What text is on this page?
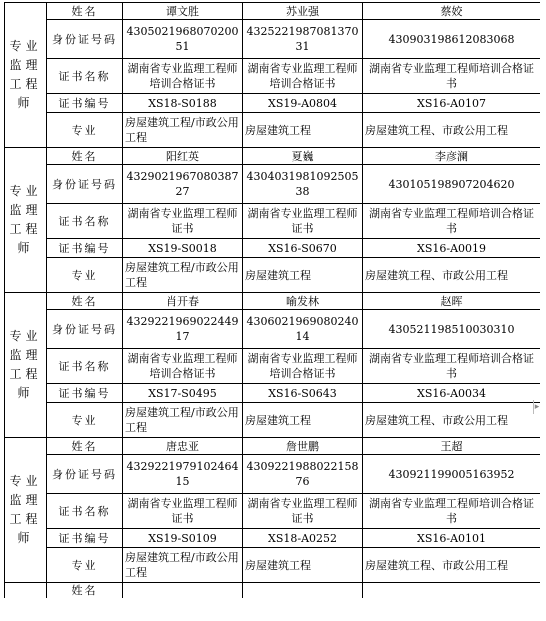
专业监理工程师	姓名	谭文胜	苏业强	蔡姣
	身份证号码	430502196807020051	432522198708137031	430903198612083068
	证书名称	湖南省专业监理工程师培训合格证书	湖南省专业监理工程师培训合格证书	湖南省专业监理工程师培训合格证书
	证书编号	XS18-S0188	XS19-A0804	XS16-A0107
	专业	房屋建筑工程/市政公用工程	房屋建筑工程	房屋建筑工程、市政公用工程
专业监理工程师	姓名	阳红英	夏巍	李彦澜
	身份证号码	432902196708038727	430403198109250538	430105198907204620
	证书名称	湖南省专业监理工程师证书	湖南省专业监理工程师证书	湖南省专业监理工程师培训合格证书
	证书编号	XS19-S0018	XS16-S0670	XS16-A0019
	专业	房屋建筑工程/市政公用工程	房屋建筑工程	房屋建筑工程、市政公用工程
专业监理工程师	姓名	肖开春	喻发林	赵晖
	身份证号码	432922196902244917	430602196908024014	430521198510030310
	证书名称	湖南省专业监理工程师培训合格证书	湖南省专业监理工程师培训合格证书	湖南省专业监理工程师培训合格证书
	证书编号	XS17-S0495	XS16-S0643	XS16-A0034
	专业	房屋建筑工程/市政公用工程	房屋建筑工程	房屋建筑工程、市政公用工程
专业监理工程师	姓名	唐忠亚	詹世鹏	王超
	身份证号码	432922197910246415	430922198802215876	430921199005163952
	证书名称	湖南省专业监理工程师证书	湖南省专业监理工程师证书	湖南省专业监理工程师培训合格证书
	证书编号	XS19-S0109	XS18-A0252	XS16-A0101
	专业	房屋建筑工程/市政公用工程	房屋建筑工程	房屋建筑工程、市政公用工程
	姓名			
▸
